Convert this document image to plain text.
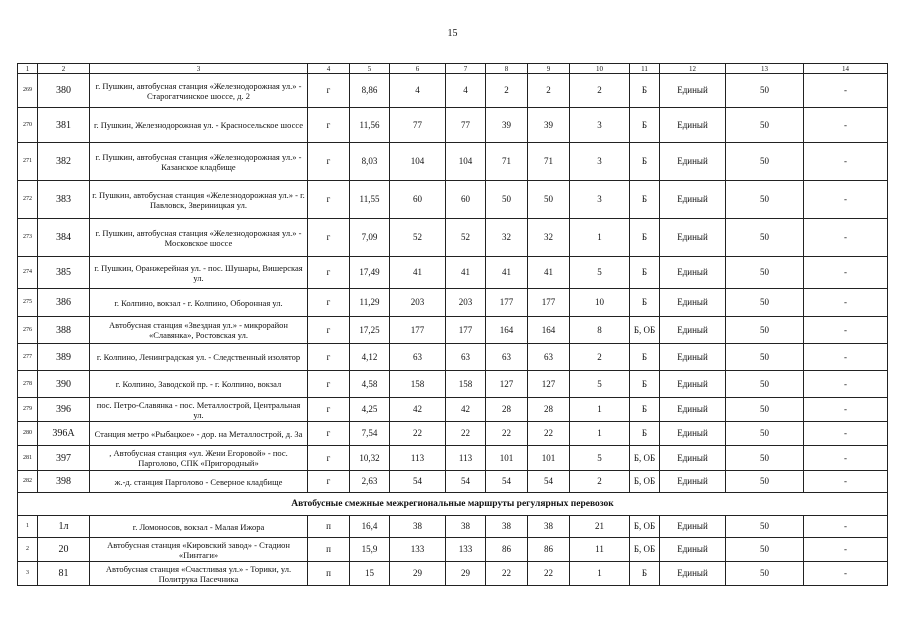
15
1	2	3	4	5	6	7	8	9	10	11	12	13	14
269	380	г. Пушкин, автобусная станция «Железнодорожная ул.» - Старогатчинское шоссе, д. 2	г	8,86	4	4	2	2	2	Б	Единый	50	-
270	381	г. Пушкин, Железнодорожная ул. - Красносельское шоссе	г	11,56	77	77	39	39	3	Б	Единый	50	-
271	382	г. Пушкин, автобусная станция «Железнодорожная ул.» - Казанское кладбище	г	8,03	104	104	71	71	3	Б	Единый	50	-
272	383	г. Пушкин, автобусная станция «Железнодорожная ул.» - г. Павловск, Звериницкая ул.	г	11,55	60	60	50	50	3	Б	Единый	50	-
273	384	г. Пушкин, автобусная станция «Железнодорожная ул.» - Московское шоссе	г	7,09	52	52	32	32	1	Б	Единый	50	-
274	385	г. Пушкин, Оранжерейная ул. - пос. Шушары, Вишерская ул.	г	17,49	41	41	41	41	5	Б	Единый	50	-
275	386	г. Колпино, вокзал - г. Колпино, Оборонная ул.	г	11,29	203	203	177	177	10	Б	Единый	50	-
276	388	Автобусная станция «Звездная ул.» - микрорайон «Славянка», Ростовская ул.	г	17,25	177	177	164	164	8	Б, ОБ	Единый	50	-
277	389	г. Колпино, Ленинградская ул. - Следственный изолятор	г	4,12	63	63	63	63	2	Б	Единый	50	-
278	390	г. Колпино, Заводской пр. - г. Колпино, вокзал	г	4,58	158	158	127	127	5	Б	Единый	50	-
279	396	пос. Петро-Славянка - пос. Металлострой, Центральная ул.	г	4,25	42	42	28	28	1	Б	Единый	50	-
280	396А	Станция метро «Рыбацкое» - дор. на Металлострой, д. 3а	г	7,54	22	22	22	22	1	Б	Единый	50	-
281	397	, Автобусная станция «ул. Жени Егоровой» - пос. Парголово, СПК «Пригородный»	г	10,32	113	113	101	101	5	Б, ОБ	Единый	50	-
282	398	ж.-д. станция Парголово - Северное кладбище	г	2,63	54	54	54	54	2	Б, ОБ	Единый	50	-
Автобусные смежные межрегиональные маршруты регулярных перевозок													
1	1л	г. Ломоносов, вокзал - Малая Ижора	п	16,4	38	38	38	38	21	Б, ОБ	Единый	50	-
2	20	Автобусная станция «Кировский завод» - Стадион «Пинтаги»	п	15,9	133	133	86	86	11	Б, ОБ	Единый	50	-
3	81	Автобусная станция «Счастливая ул.» - Торики, ул. Политрука Пасечника	п	15	29	29	22	22	1	Б	Единый	50	-
